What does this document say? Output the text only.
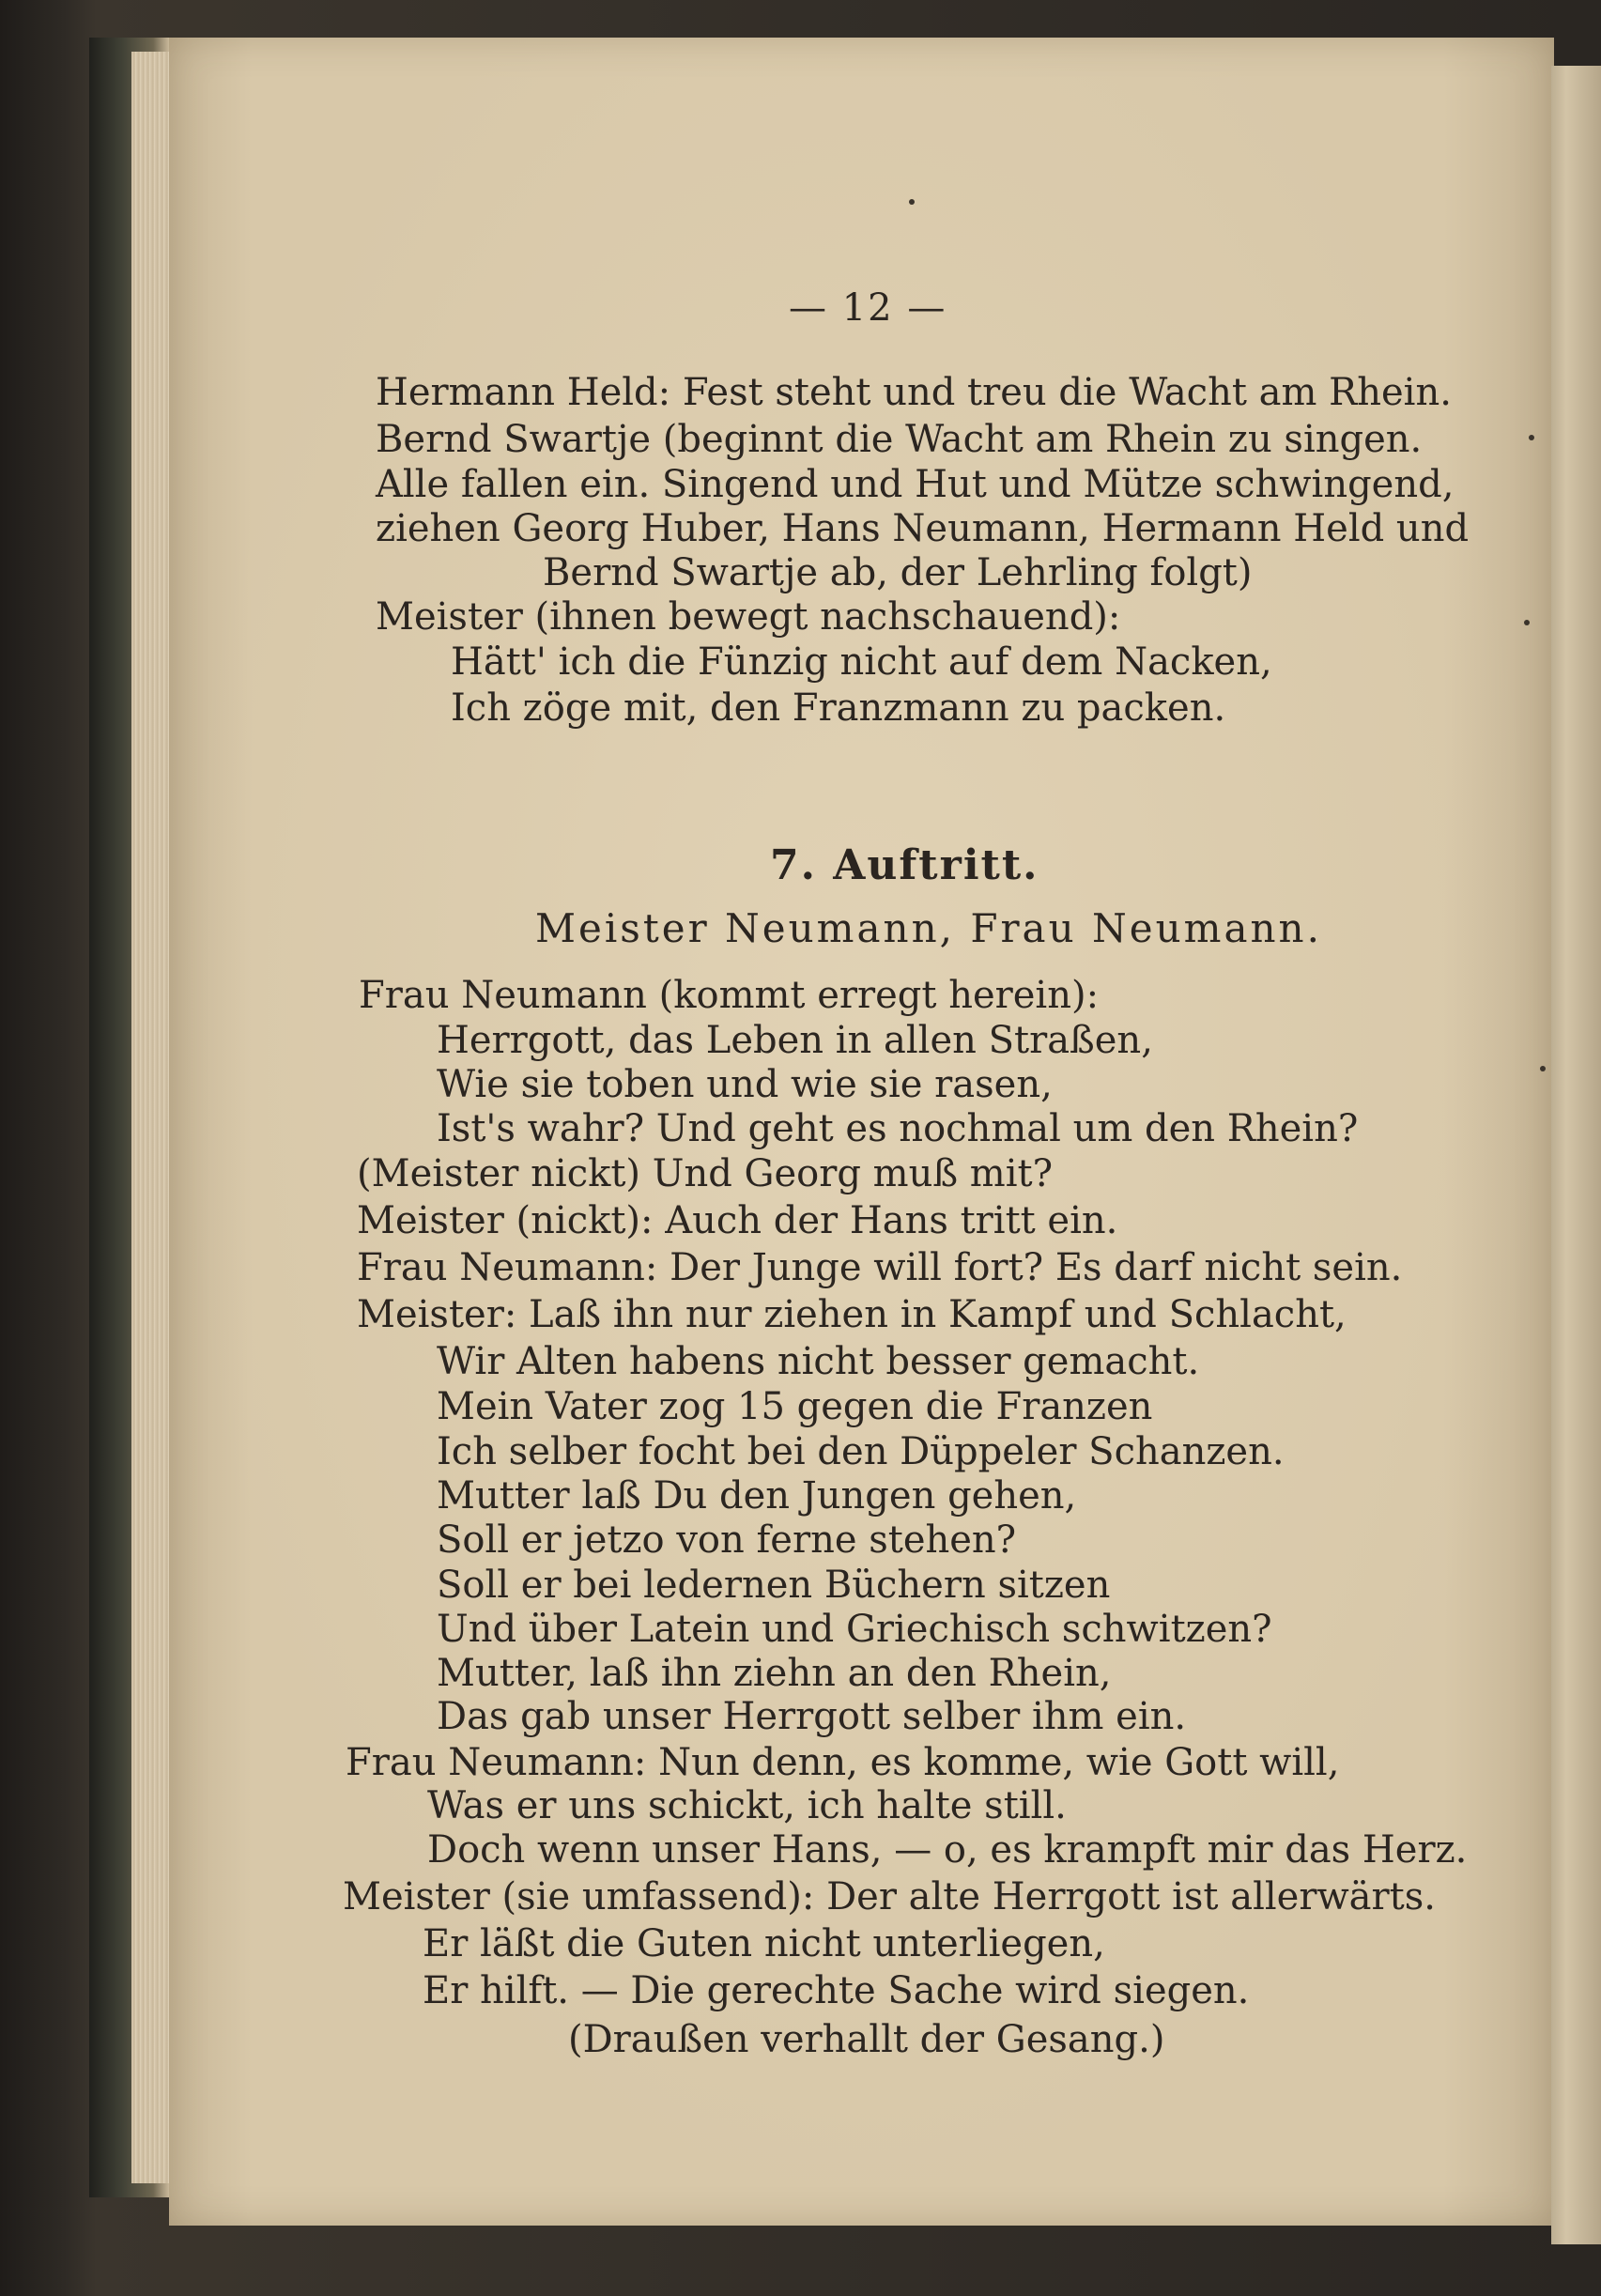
— 12 —
Hermann Held: Fest steht und treu die Wacht am Rhein.
Bernd Swartje (beginnt die Wacht am Rhein zu singen.
Alle fallen ein. Singend und Hut und Mütze schwingend,
ziehen Georg Huber, Hans Neumann, Hermann Held und
Bernd Swartje ab, der Lehrling folgt)
Meister (ihnen bewegt nachschauend):
Hätt' ich die Fünzig nicht auf dem Nacken,
Ich zöge mit, den Franzmann zu packen.
7. Auftritt.
Meister Neumann, Frau Neumann.
Frau Neumann (kommt erregt herein):
Herrgott, das Leben in allen Straßen,
Wie sie toben und wie sie rasen,
Ist's wahr? Und geht es nochmal um den Rhein?
(Meister nickt) Und Georg muß mit?
Meister (nickt): Auch der Hans tritt ein.
Frau Neumann: Der Junge will fort? Es darf nicht sein.
Meister: Laß ihn nur ziehen in Kampf und Schlacht,
Wir Alten habens nicht besser gemacht.
Mein Vater zog 15 gegen die Franzen
Ich selber focht bei den Düppeler Schanzen.
Mutter laß Du den Jungen gehen,
Soll er jetzo von ferne stehen?
Soll er bei ledernen Büchern sitzen
Und über Latein und Griechisch schwitzen?
Mutter, laß ihn ziehn an den Rhein,
Das gab unser Herrgott selber ihm ein.
Frau Neumann: Nun denn, es komme, wie Gott will,
Was er uns schickt, ich halte still.
Doch wenn unser Hans, — o, es krampft mir das Herz.
Meister (sie umfassend): Der alte Herrgott ist allerwärts.
Er läßt die Guten nicht unterliegen,
Er hilft. — Die gerechte Sache wird siegen.
(Draußen verhallt der Gesang.)
